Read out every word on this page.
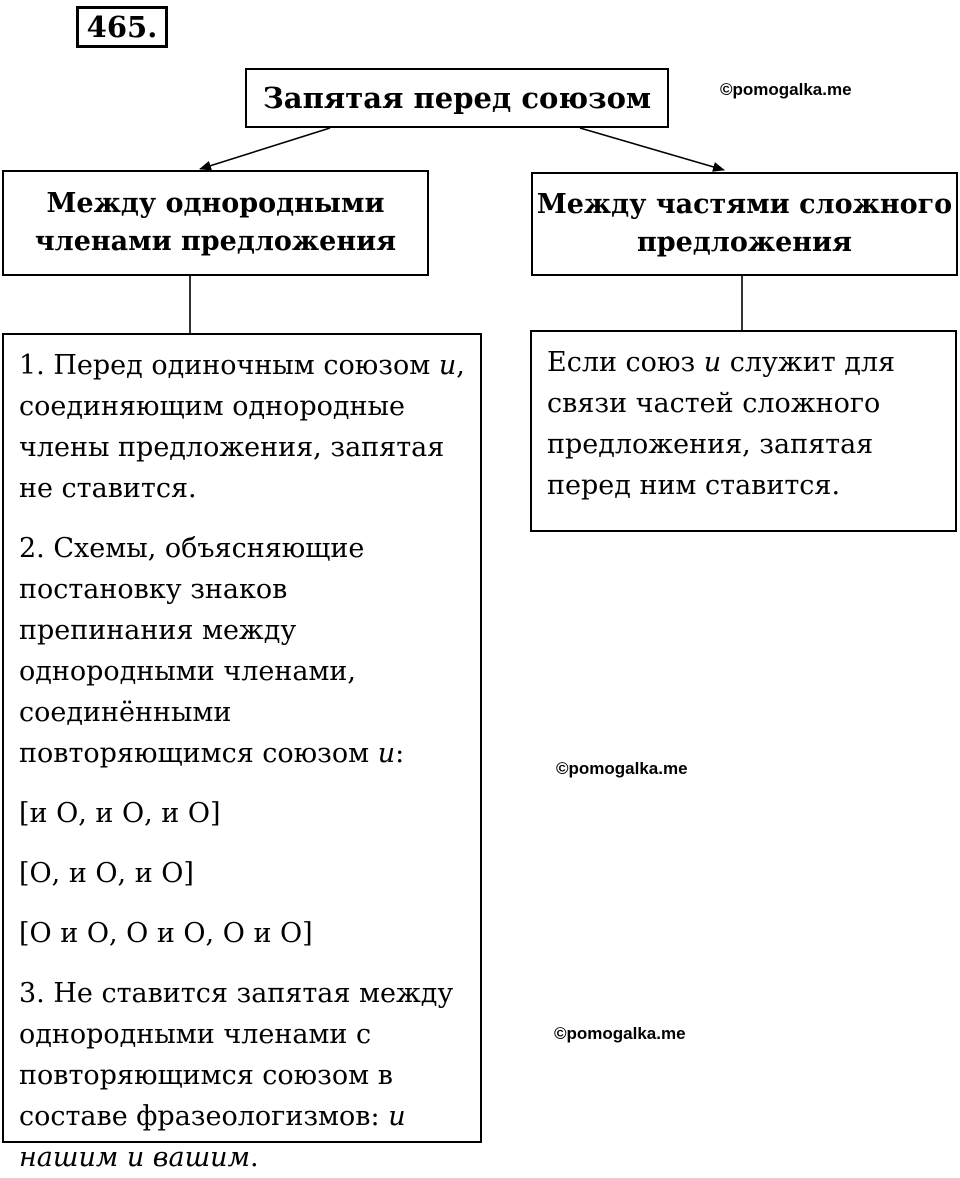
465 .
Запятая перед союзом	©pomogalka.me
©pomogalka.me
©pomogalka.me
Между однородными
членами предложения
Между частями сложного
предложения

1. Перед одиночным союзом и, соединяющим однородные члены предложения, запятая не ставится.

2. Схемы, объясняющие постановку знаков препинания между однородными членами, соединёнными повторяющимся союзом и:

[и О, и О, и О]
[О, и О, и О]
[О и О, О и О, О и О]

3. Не ставится запятая между однородными членами с повторяющимся союзом в составе фразеологизмов: и нашим и вашим.

Если союз и служит для связи частей сложного предложения, запятая перед ним ставится.
